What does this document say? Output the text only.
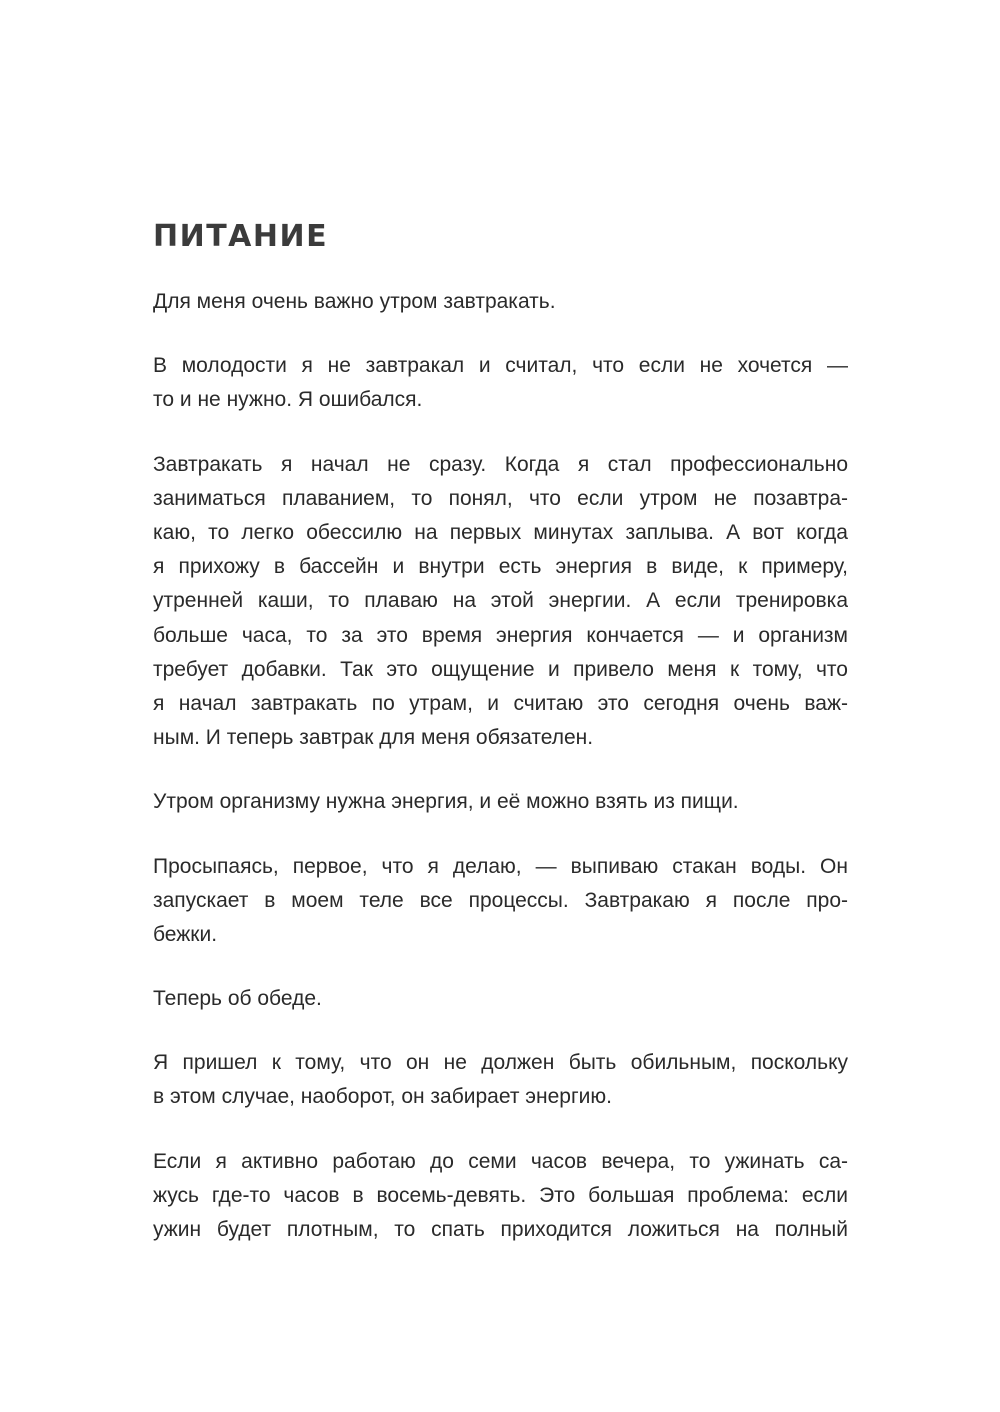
ПИТАНИЕ

Для меня очень важно утром завтракать.

В молодости я не завтракал и считал, что если не хочется —
то и не нужно. Я ошибался.

Завтракать я начал не сразу. Когда я стал профессионально
заниматься плаванием, то понял, что если утром не позавтра-
каю, то легко обессилю на первых минутах заплыва. А вот когда
я прихожу в бассейн и внутри есть энергия в виде, к примеру,
утренней каши, то плаваю на этой энергии. А если тренировка
больше часа, то за это время энергия кончается — и организм
требует добавки. Так это ощущение и привело меня к тому, что
я начал завтракать по утрам, и считаю это сегодня очень важ-
ным. И теперь завтрак для меня обязателен.

Утром организму нужна энергия, и её можно взять из пищи.

Просыпаясь, первое, что я делаю, — выпиваю стакан воды. Он
запускает в моем теле все процессы. Завтракаю я после про-
бежки.

Теперь об обеде.

Я пришел к тому, что он не должен быть обильным, поскольку
в этом случае, наоборот, он забирает энергию.

Если я активно работаю до семи часов вечера, то ужинать са-
жусь где-то часов в восемь-девять. Это большая проблема: если
ужин будет плотным, то спать приходится ложиться на полный
